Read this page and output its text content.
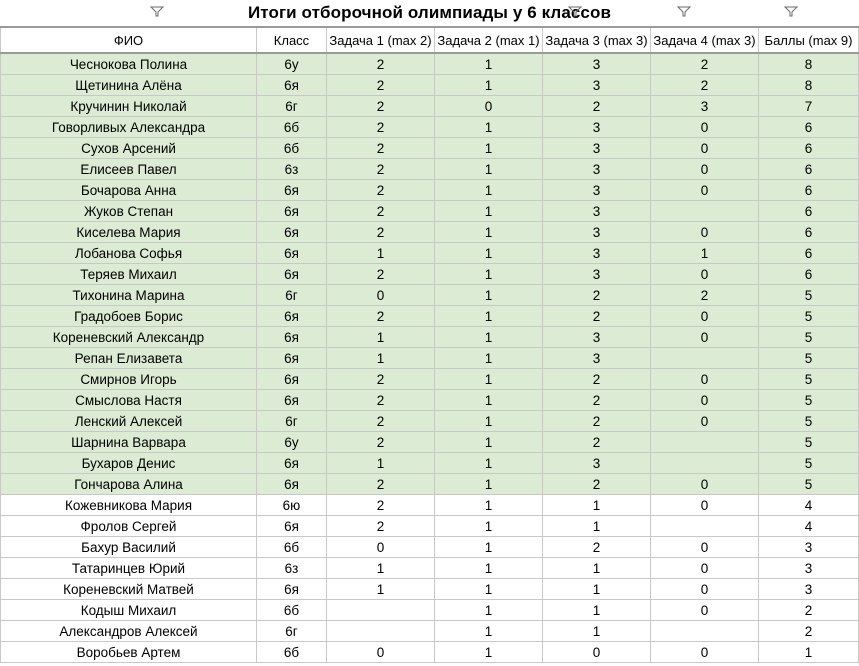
Итоги отборочной олимпиады у 6 классов						

ФИО	Класс	Задача 1 (max 2)	Задача 2 (max 1)	Задача 3 (max 3)	Задача 4 (max 3)	Баллы (max 9)
Чеснокова Полина	6у	2	1	3	2	8
Щетинина Алёна	6я	2	1	3	2	8
Кручинин Николай	6г	2	0	2	3	7
Говорливых Александра	6б	2	1	3	0	6
Сухов Арсений	6б	2	1	3	0	6
Елисеев Павел	6з	2	1	3	0	6
Бочарова Анна	6я	2	1	3	0	6
Жуков Степан	6я	2	1	3		6
Киселева Мария	6я	2	1	3	0	6
Лобанова Софья	6я	1	1	3	1	6
Теряев Михаил	6я	2	1	3	0	6
Тихонина Марина	6г	0	1	2	2	5
Градобоев Борис	6я	2	1	2	0	5
Кореневский Александр	6я	1	1	3	0	5
Репан Елизавета	6я	1	1	3		5
Смирнов Игорь	6я	2	1	2	0	5
Смыслова Настя	6я	2	1	2	0	5
Ленский Алексей	6г	2	1	2	0	5
Шарнина Варвара	6у	2	1	2		5
Бухаров Денис	6я	1	1	3		5
Гончарова Алина	6я	2	1	2	0	5
Кожевникова Мария	6ю	2	1	1	0	4
Фролов Сергей	6я	2	1	1		4
Бахур Василий	6б	0	1	2	0	3
Татаринцев Юрий	6з	1	1	1	0	3
Кореневский Матвей	6я	1	1	1	0	3
Кодыш Михаил	6б		1	1	0	2
Александров Алексей	6г		1	1		2
Воробьев Артем	6б	0	1	0	0	1
